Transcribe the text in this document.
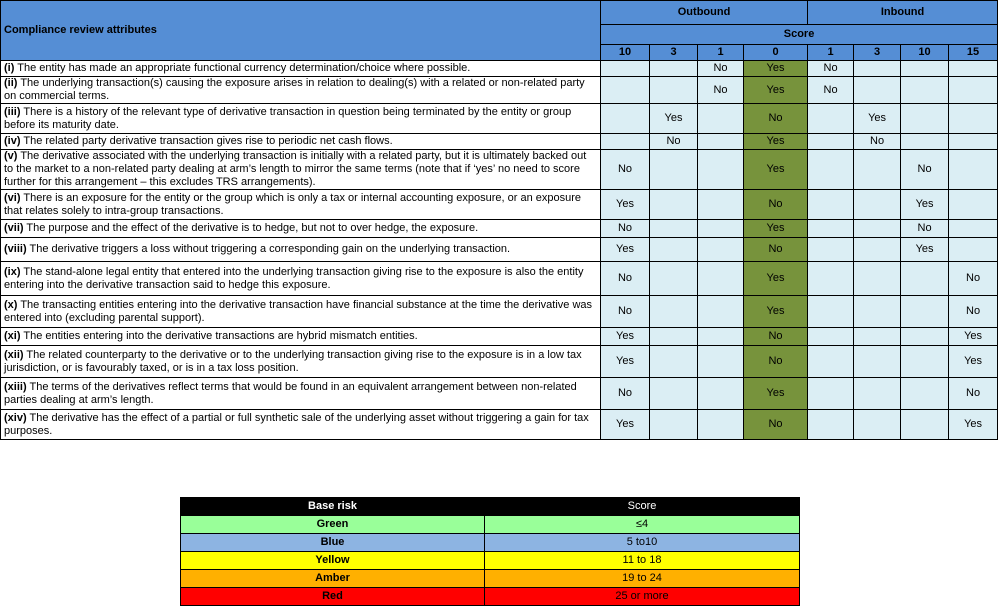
Compliance review attributes	Outbound				Inbound			
	Score							
	10	3	1	0	1	3	10	15
(i) The entity has made an appropriate functional currency determination/choice where possible.			No	Yes	No			
(ii) The underlying transaction(s) causing the exposure arises in relation to dealing(s) with a related or non-related party on commercial terms.			No	Yes	No			
(iii) There is a history of the relevant type of derivative transaction in question being terminated by the entity or group before its maturity date.		Yes		No		Yes		
(iv) The related party derivative transaction gives rise to periodic net cash flows.		No		Yes		No		
(v) The derivative associated with the underlying transaction is initially with a related party, but it is ultimately backed out to the market to a non-related party dealing at arm’s length to mirror the same terms (note that if ‘yes’ no need to score further for this arrangement – this excludes TRS arrangements).	No			Yes			No	
(vi) There is an exposure for the entity or the group which is only a tax or internal accounting exposure, or an exposure that relates solely to intra-group transactions.	Yes			No			Yes	
(vii) The purpose and the effect of the derivative is to hedge, but not to over hedge, the exposure.	No			Yes			No	
(viii) The derivative triggers a loss without triggering a corresponding gain on the underlying transaction.	Yes			No			Yes	
(ix) The stand-alone legal entity that entered into the underlying transaction giving rise to the exposure is also the entity entering into the derivative transaction said to hedge this exposure.	No			Yes				No
(x) The transacting entities entering into the derivative transaction have financial substance at the time the derivative was entered into (excluding parental support).	No			Yes				No
(xi) The entities entering into the derivative transactions are hybrid mismatch entities.	Yes			No				Yes
(xii) The related counterparty to the derivative or to the underlying transaction giving rise to the exposure is in a low tax jurisdiction, or is favourably taxed, or is in a tax loss position.	Yes			No				Yes
(xiii) The terms of the derivatives reflect terms that would be found in an equivalent arrangement between non-related parties dealing at arm’s length.	No			Yes				No
(xiv) The derivative has the effect of a partial or full synthetic sale of the underlying asset without triggering a gain for tax purposes.	Yes			No				Yes
Base risk	Score
Green	≤4
Blue	5 to10
Yellow	11 to 18
Amber	19 to 24
Red	25 or more
